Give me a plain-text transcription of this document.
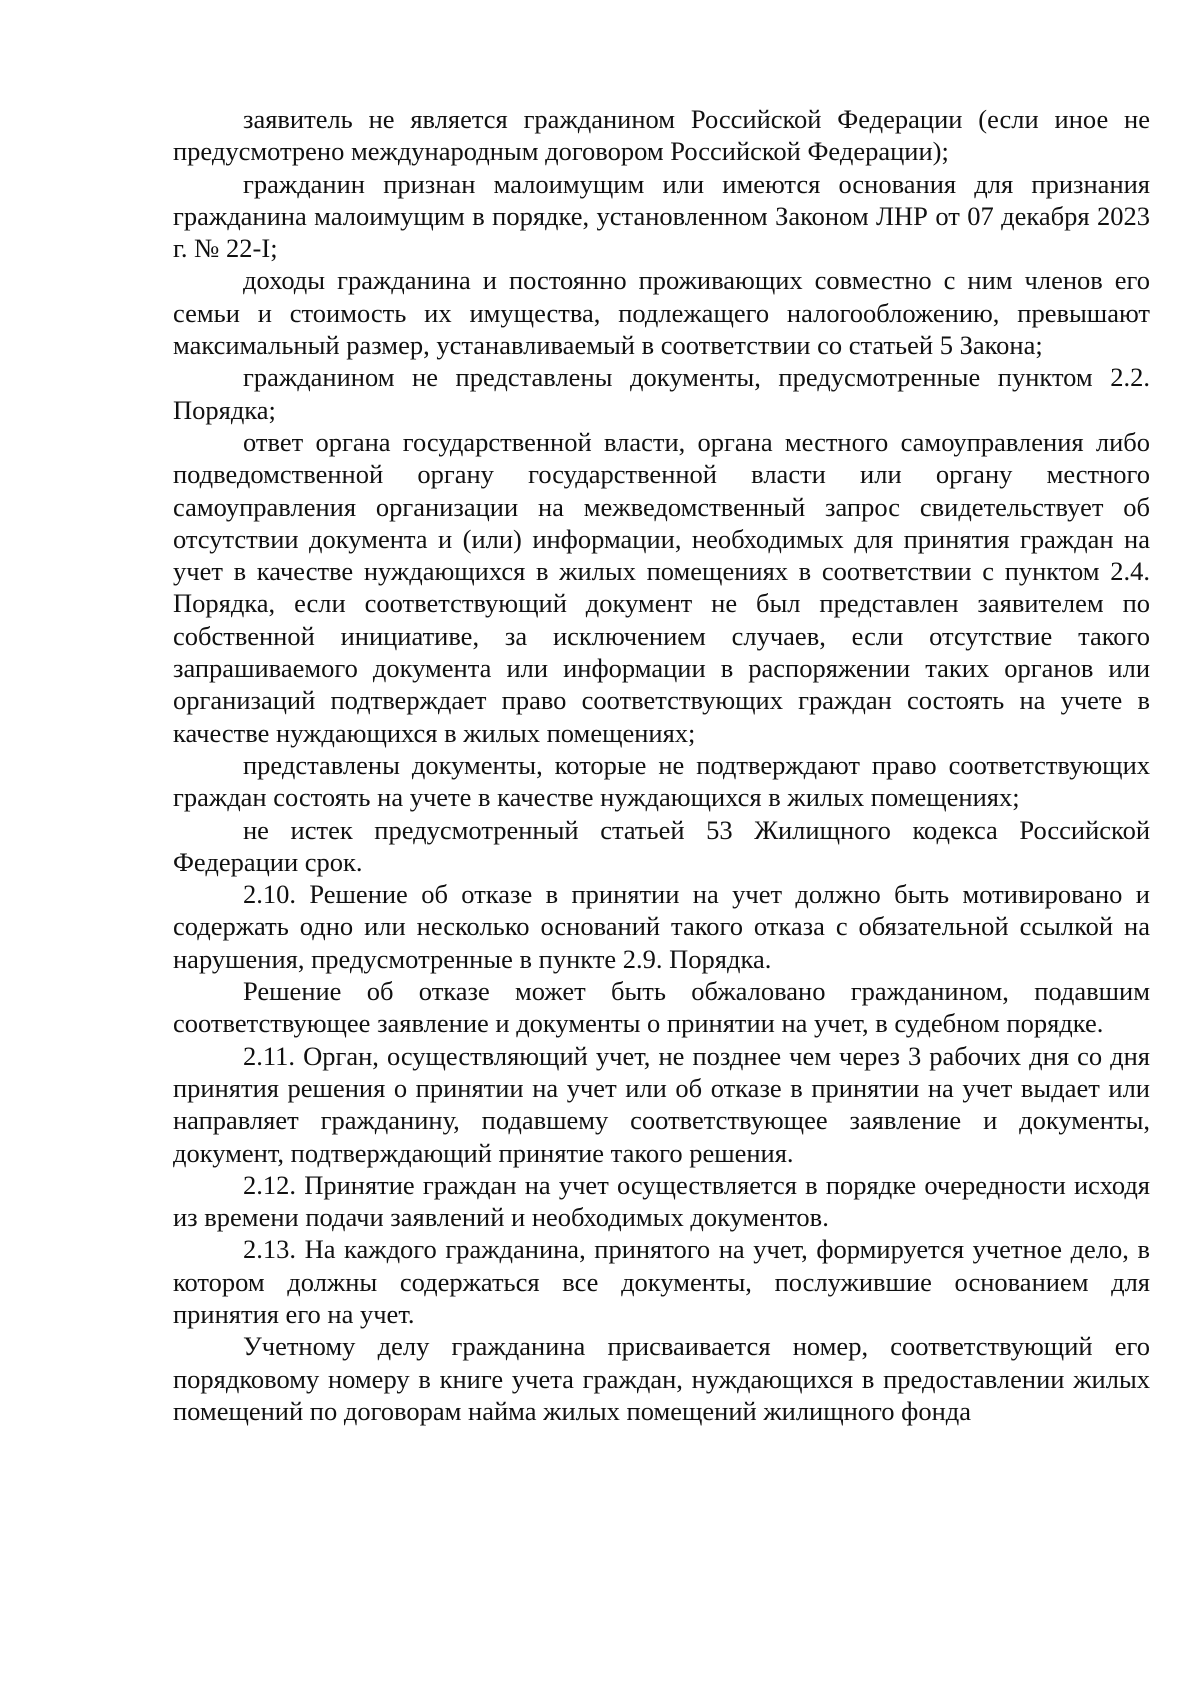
заявитель не является гражданином Российской Федерации (если иное не предусмотрено международным договором Российской Федерации);

гражданин признан малоимущим или имеются основания для признания гражданина малоимущим в порядке, установленном Законом ЛНР от 07 декабря 2023 г. № 22-I;

доходы гражданина и постоянно проживающих совместно с ним членов его семьи и стоимость их имущества, подлежащего налогообложению, превышают максимальный размер, устанавливаемый в соответствии со статьей 5 Закона;

гражданином не представлены документы, предусмотренные пунктом 2.2. Порядка;

ответ органа государственной власти, органа местного самоуправления либо подведомственной органу государственной власти или органу местного самоуправления организации на межведомственный запрос свидетельствует об отсутствии документа и (или) информации, необходимых для принятия граждан на учет в качестве нуждающихся в жилых помещениях в соответствии с пунктом 2.4. Порядка, если соответствующий документ не был представлен заявителем по собственной инициативе, за исключением случаев, если отсутствие такого запрашиваемого документа или информации в распоряжении таких органов или организаций подтверждает право соответствующих граждан состоять на учете в качестве нуждающихся в жилых помещениях;

представлены документы, которые не подтверждают право соответствующих граждан состоять на учете в качестве нуждающихся в жилых помещениях;

не истек предусмотренный статьей 53 Жилищного кодекса Российской Федерации срок.

2.10. Решение об отказе в принятии на учет должно быть мотивировано и содержать одно или несколько оснований такого отказа с обязательной ссылкой на нарушения, предусмотренные в пункте 2.9. Порядка.

Решение об отказе может быть обжаловано гражданином, подавшим соответствующее заявление и документы о принятии на учет, в судебном порядке.

2.11. Орган, осуществляющий учет, не позднее чем через 3 рабочих дня со дня принятия решения о принятии на учет или об отказе в принятии на учет выдает или направляет гражданину, подавшему соответствующее заявление и документы, документ, подтверждающий принятие такого решения.

2.12. Принятие граждан на учет осуществляется в порядке очередности исходя из времени подачи заявлений и необходимых документов.

2.13. На каждого гражданина, принятого на учет, формируется учетное дело, в котором должны содержаться все документы, послужившие основанием для принятия его на учет.

Учетному делу гражданина присваивается номер, соответствующий его порядковому номеру в книге учета граждан, нуждающихся в предоставлении жилых помещений по договорам найма жилых помещений жилищного фонда
